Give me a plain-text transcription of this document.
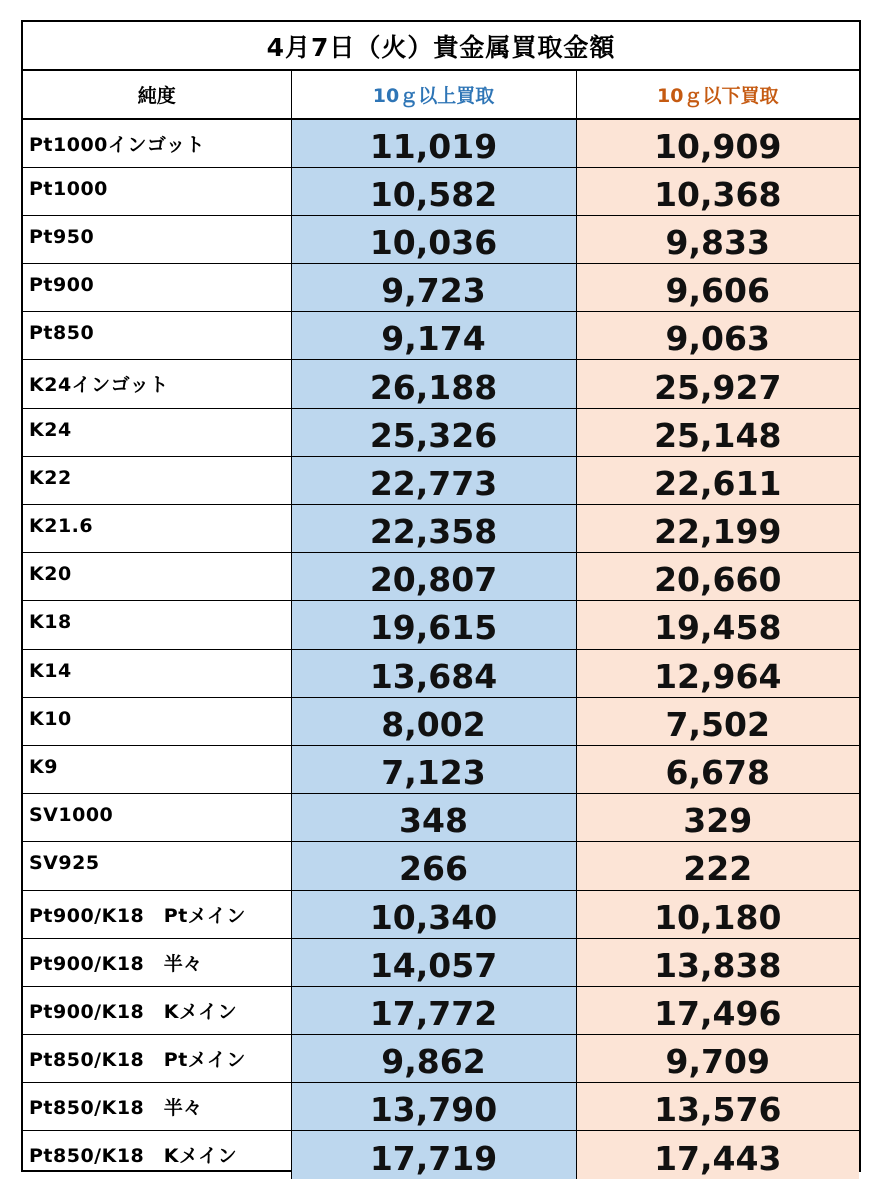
4月7日（火）貴金属買取金額
純度	10ｇ以上買取	10ｇ以下買取
Pt1000インゴット	11,019	10,909
Pt1000	10,582	10,368
Pt950	10,036	9,833
Pt900	9,723	9,606
Pt850	9,174	9,063
K24インゴット	26,188	25,927
K24	25,326	25,148
K22	22,773	22,611
K21.6	22,358	22,199
K20	20,807	20,660
K18	19,615	19,458
K14	13,684	12,964
K10	8,002	7,502
K9	7,123	6,678
SV1000	348	329
SV925	266	222
Pt900/K18　Ptメイン	10,340	10,180
Pt900/K18　半々	14,057	13,838
Pt900/K18　Kメイン	17,772	17,496
Pt850/K18　Ptメイン	9,862	9,709
Pt850/K18　半々	13,790	13,576
Pt850/K18　Kメイン	17,719	17,443
